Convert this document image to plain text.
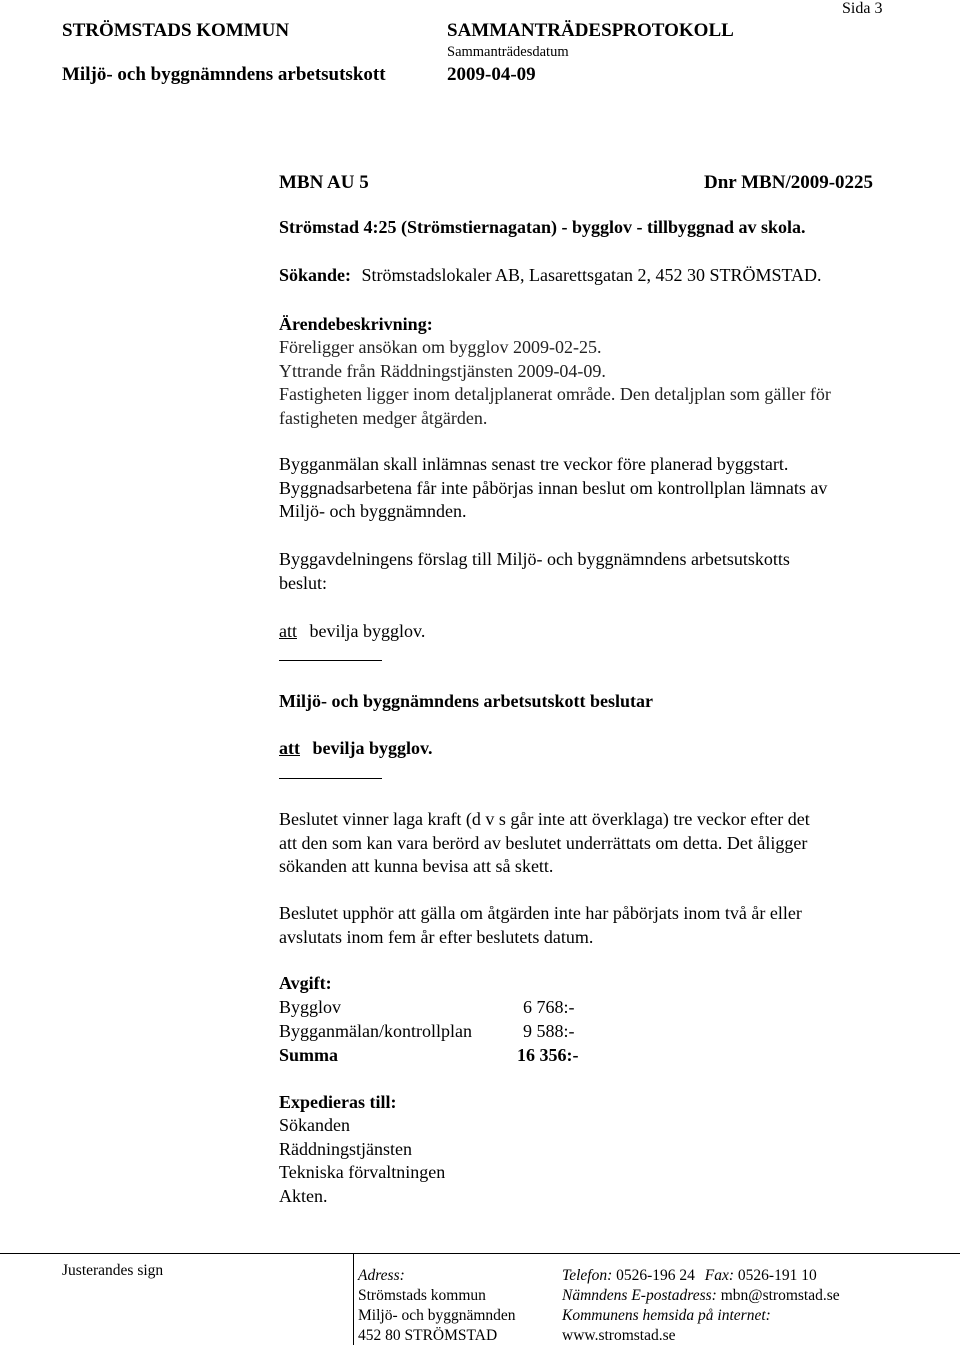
STRÖMSTADS KOMMUN	SAMMANTRÄDESPROTOKOLL
Sida 3
Miljö- och byggnämndens arbetsutskott
Sammanträdesdatum
2009-04-09
MBN AU 5	Dnr MBN/2009-0225
Strömstad 4:25 (Strömstiernagatan) - bygglov - tillbyggnad av skola.
Sökande: Strömstadslokaler AB, Lasarettsgatan 2, 452 30 STRÖMSTAD.
Ärendebeskrivning:
Föreligger ansökan om bygglov 2009-02-25.
Yttrande från Räddningstjänsten 2009-04-09.
Fastigheten ligger inom detaljplanerat område. Den detaljplan som gäller för
fastigheten medger åtgärden.
Bygganmälan skall inlämnas senast tre veckor före planerad byggstart.
Byggnadsarbetena får inte påbörjas innan beslut om kontrollplan lämnats av
Miljö- och byggnämnden.
Byggavdelningens förslag till Miljö- och byggnämndens arbetsutskotts
beslut:
att bevilja bygglov.
Miljö- och byggnämndens arbetsutskott beslutar
att bevilja bygglov.
Beslutet vinner laga kraft (d v s går inte att överklaga) tre veckor efter det
att den som kan vara berörd av beslutet underrättats om detta. Det åligger
sökanden att kunna bevisa att så skett.
Beslutet upphör att gälla om åtgärden inte har påbörjats inom två år eller
avslutats inom fem år efter beslutets datum.
Avgift:
Bygglov	6 768:-
Bygganmälan/kontrollplan	9 588:-
Summa	16 356:-
Expedieras till:
Sökanden
Räddningstjänsten
Tekniska förvaltningen
Akten.
Justerandes sign	Adress:
Strömstads kommun
Miljö- och byggnämnden
452 80 STRÖMSTAD
Telefon: 0526-196 24 Fax: 0526-191 10
Nämndens E-postadress: mbn@stromstad.se
Kommunens hemsida på internet:
www.stromstad.se
